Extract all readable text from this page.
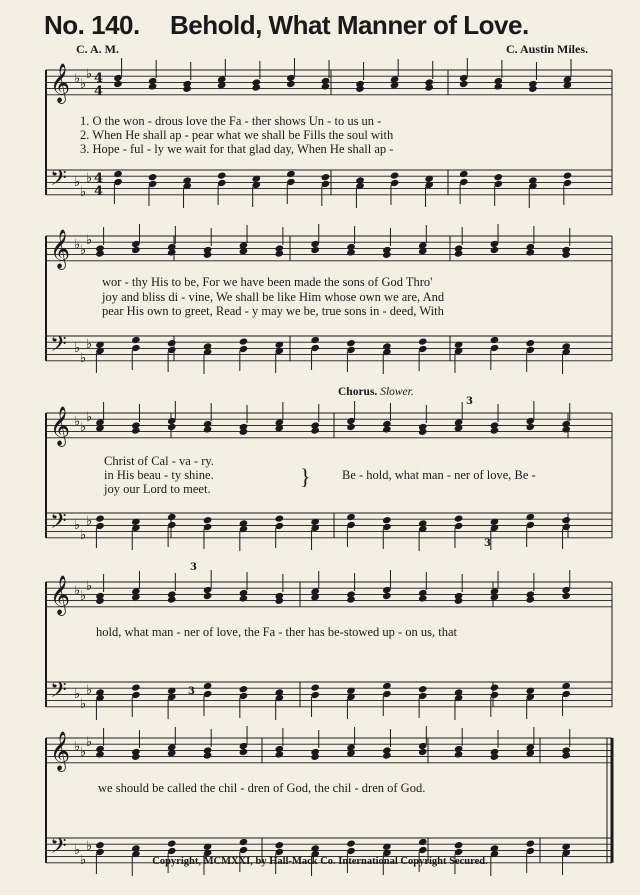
No. 140. Behold, What Manner of Love.
C. A. M.	C. Austin Miles.
𝄞 ♭ ♭
♭ 4
4
𝄢 ♭
♭
♭ 4
4
𝄞 ♭ ♭
♭
𝄢 ♭
♭
♭
𝄞 ♭ ♭
♭
𝄢 ♭
♭
♭
𝄞 ♭ ♭
♭
𝄢 ♭
♭
♭
𝄞 ♭ ♭
♭
𝄢 ♭
♭
♭
3
3
3
3
1. O the won - drous love the Fa - ther shows Un - to us un -
2. When He shall ap - pear what we shall be Fills the soul with
3. Hope - ful - ly we wait for that glad day, When He shall ap -
wor - thy His to be, For we have been made the sons of God Thro'
joy and bliss di - vine, We shall be like Him whose own we are, And
pear His own to greet, Read - y may we be, true sons in - deed, With
Chorus. Slower.
Christ of Cal - va - ry.
in His beau - ty shine.
joy our Lord to meet.	}	Be - hold, what man - ner of love, Be -
hold, what man - ner of love, the Fa - ther has be-stowed up - on us, that
we should be called the chil - dren of God, the chil - dren of God.
Copyright, MCMXXI, by Hall-Mack Co. International Copyright Secured.
